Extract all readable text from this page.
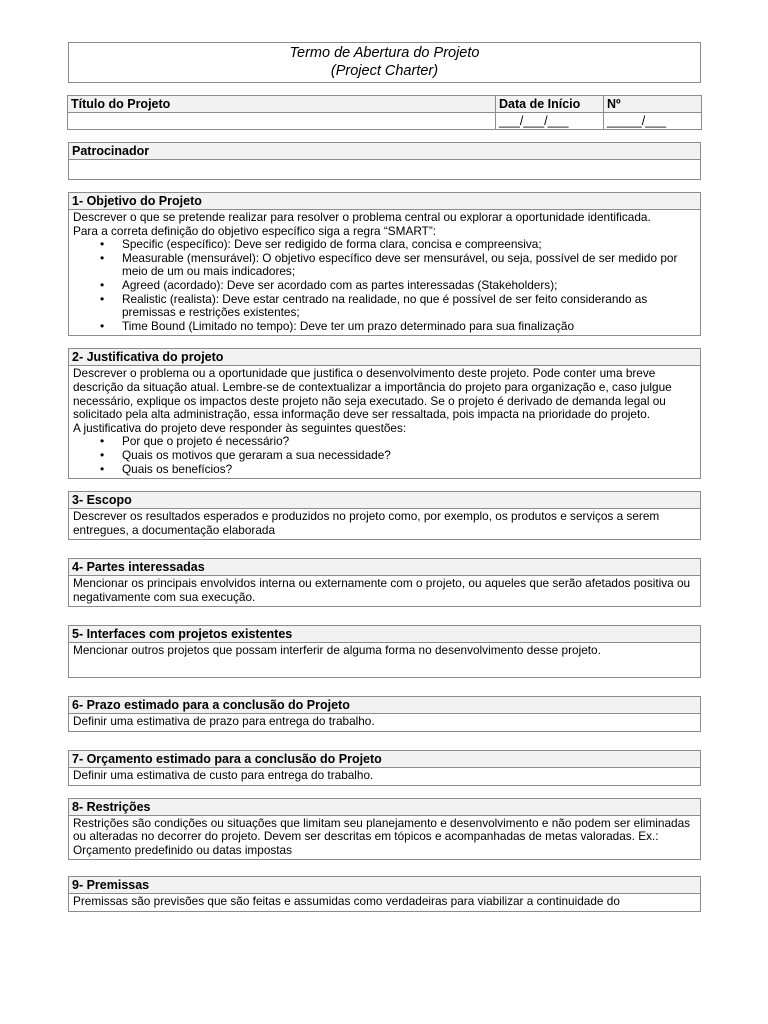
Termo de Abertura do Projeto
(Project Charter)
Título do Projeto	Data de Início	Nº
	___/___/___	_____/___
Patrocinador
1- Objetivo do Projeto

Descrever o que se pretende realizar para resolver o problema central ou explorar a oportunidade identificada.

Para a correta definição do objetivo específico siga a regra “SMART”:

• Specific (específico): Deve ser redigido de forma clara, concisa e compreensiva;
• Measurable (mensurável): O objetivo específico deve ser mensurável, ou seja, possível de ser medido por meio de um ou mais indicadores;
• Agreed (acordado): Deve ser acordado com as partes interessadas (Stakeholders);
• Realistic (realista): Deve estar centrado na realidade, no que é possível de ser feito considerando as premissas e restrições existentes;
• Time Bound (Limitado no tempo): Deve ter um prazo determinado para sua finalização
2- Justificativa do projeto

Descrever o problema ou a oportunidade que justifica o desenvolvimento deste projeto. Pode conter uma breve descrição da situação atual. Lembre-se de contextualizar a importância do projeto para organização e, caso julgue necessário, explique os impactos deste projeto não seja executado. Se o projeto é derivado de demanda legal ou solicitado pela alta administração, essa informação deve ser ressaltada, pois impacta na prioridade do projeto.

A justificativa do projeto deve responder às seguintes questões:

• Por que o projeto é necessário?
• Quais os motivos que geraram a sua necessidade?
• Quais os benefícios?
3- Escopo

Descrever os resultados esperados e produzidos no projeto como, por exemplo, os produtos e serviços a serem entregues, a documentação elaborada

4- Partes interessadas

Mencionar os principais envolvidos interna ou externamente com o projeto, ou aqueles que serão afetados positiva ou negativamente com sua execução.

5- Interfaces com projetos existentes

Mencionar outros projetos que possam interferir de alguma forma no desenvolvimento desse projeto.

6- Prazo estimado para a conclusão do Projeto

Definir uma estimativa de prazo para entrega do trabalho.

7- Orçamento estimado para a conclusão do Projeto

Definir uma estimativa de custo para entrega do trabalho.

8- Restrições

Restrições são condições ou situações que limitam seu planejamento e desenvolvimento e não podem ser eliminadas ou alteradas no decorrer do projeto. Devem ser descritas em tópicos e acompanhadas de metas valoradas. Ex.: Orçamento predefinido ou datas impostas

9- Premissas

Premissas são previsões que são feitas e assumidas como verdadeiras para viabilizar a continuidade do
